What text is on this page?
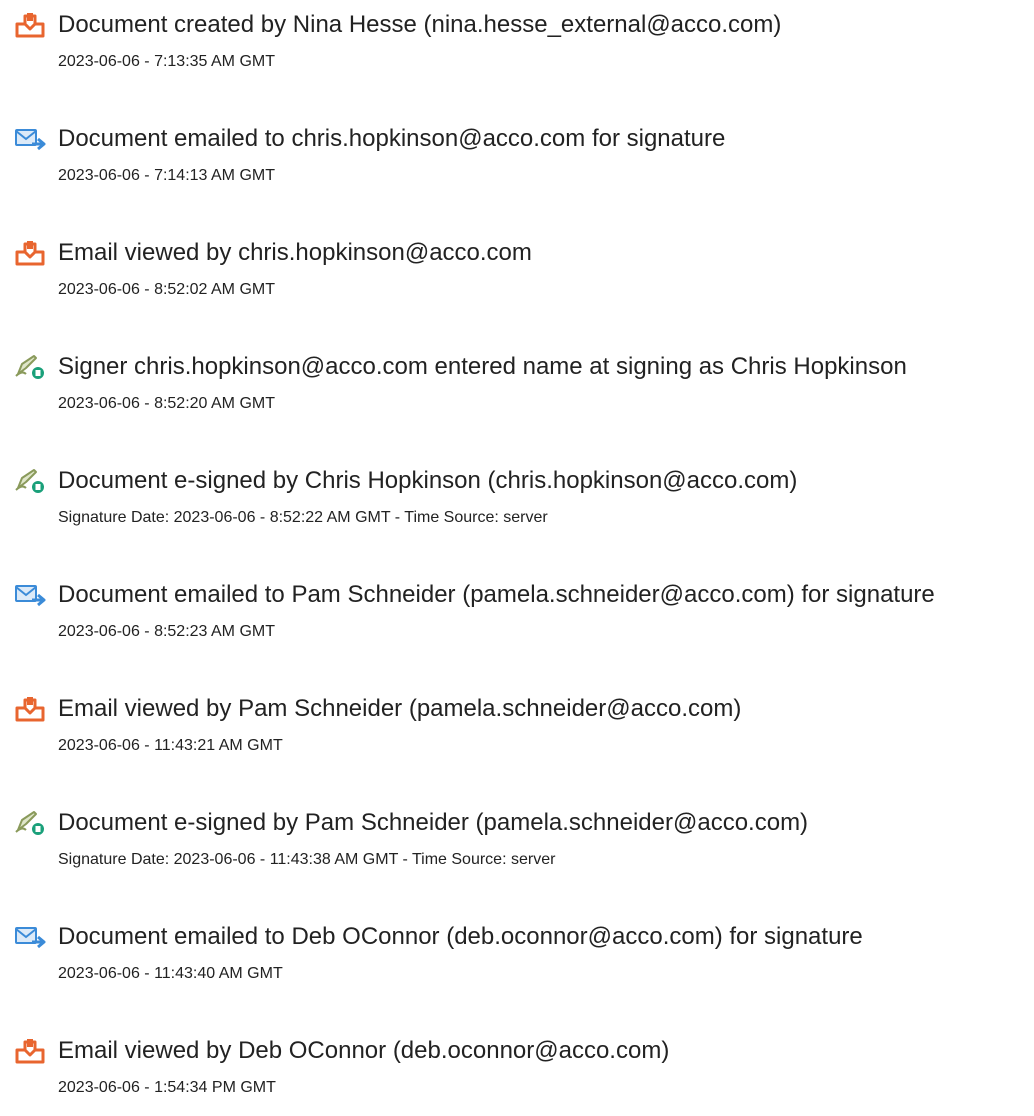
Document created by Nina Hesse (nina.hesse_external@acco.com)
2023-06-06 - 7:13:35 AM GMT
Document emailed to chris.hopkinson@acco.com for signature
2023-06-06 - 7:14:13 AM GMT
Email viewed by chris.hopkinson@acco.com
2023-06-06 - 8:52:02 AM GMT
Signer chris.hopkinson@acco.com entered name at signing as Chris Hopkinson
2023-06-06 - 8:52:20 AM GMT
Document e-signed by Chris Hopkinson (chris.hopkinson@acco.com)
Signature Date: 2023-06-06 - 8:52:22 AM GMT - Time Source: server
Document emailed to Pam Schneider (pamela.schneider@acco.com) for signature
2023-06-06 - 8:52:23 AM GMT
Email viewed by Pam Schneider (pamela.schneider@acco.com)
2023-06-06 - 11:43:21 AM GMT
Document e-signed by Pam Schneider (pamela.schneider@acco.com)
Signature Date: 2023-06-06 - 11:43:38 AM GMT - Time Source: server
Document emailed to Deb OConnor (deb.oconnor@acco.com) for signature
2023-06-06 - 11:43:40 AM GMT
Email viewed by Deb OConnor (deb.oconnor@acco.com)
2023-06-06 - 1:54:34 PM GMT
